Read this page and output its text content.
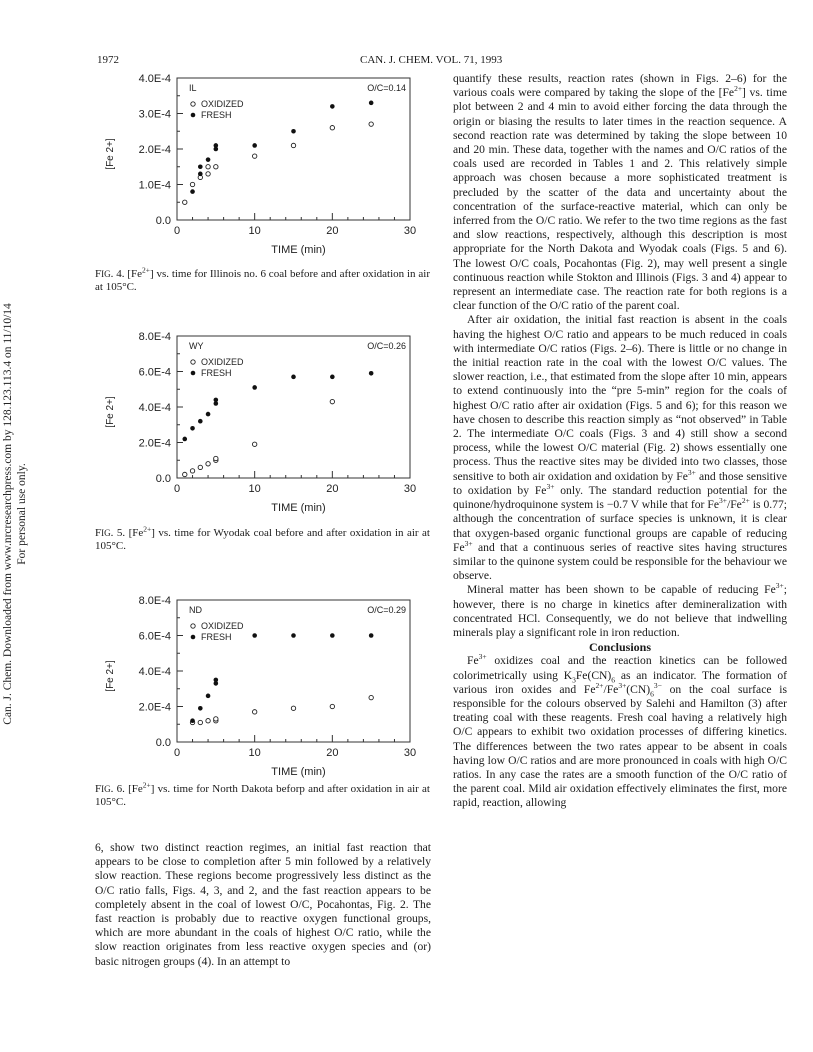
1972	CAN. J. CHEM. VOL. 71, 1993
Can. J. Chem. Downloaded from www.nrcresearchpress.com by 128.123.113.4 on 11/10/14 For personal use only.
0.0
1.0E-4
2.0E-4
3.0E-4
4.0E-4
0	10	20	30
TIME (min)
[Fe 2+]
IL	O/C=0.14
OXIDIZED
FRESH
FIG. 4. $[Fe^{2+}]$ vs. time for Illinois no. 6 coal before and after oxidation in air at 105°C.
0.0
2.0E-4
4.0E-4
6.0E-4
8.0E-4
0	10	20	30
TIME (min)
[Fe 2+]
WY	O/C=0.26
OXIDIZED
FRESH
FIG. 5. $[Fe^{2+}]$ vs. time for Wyodak coal before and after oxidation in air at 105°C.
0.0
2.0E-4
4.0E-4
6.0E-4
8.0E-4
0	10	20	30
TIME (min)
[Fe 2+]
ND	O/C=0.29
OXIDIZED
FRESH
FIG. 6. $[Fe^{2+}]$ vs. time for North Dakota beforp and after oxidation in air at 105°C.

6, show two distinct reaction regimes, an initial fast reaction that appears to be close to completion after 5 min followed by a relatively slow reaction. These regions become progressively less distinct as the O/C ratio falls, Figs. 4, 3, and 2, and the fast reaction appears to be completely absent in the coal of lowest O/C, Pocahontas, Fig. 2. The fast reaction is probably due to reactive oxygen functional groups, which are more abundant in the coals of highest O/C ratio, while the slow reaction originates from less reactive oxygen species and (or) basic nitrogen groups (4). In an attempt to

quantify these results, reaction rates (shown in Figs. 2–6) for the various coals were compared by taking the slope of the $[Fe^{2+}]$ vs. time plot between 2 and 4 min to avoid either forcing the data through the origin or biasing the results to later times in the reaction sequence. A second reaction rate was determined by taking the slope between 10 and 20 min. These data, together with the names and O/C ratios of the coals used are recorded in Tables 1 and 2. This relatively simple approach was chosen because a more sophisticated treatment is precluded by the scatter of the data and uncertainty about the concentration of the surface-reactive material, which can only be inferred from the O/C ratio. We refer to the two time regions as the fast and slow reactions, respectively, although this description is most appropriate for the North Dakota and Wyodak coals (Figs. 5 and 6). The lowest O/C coals, Pocahontas (Fig. 2), may well present a single continuous reaction while Stokton and Illinois (Figs. 3 and 4) appear to represent an intermediate case. The reaction rate for both regions is a clear function of the O/C ratio of the parent coal.

After air oxidation, the initial fast reaction is absent in the coals having the highest O/C ratio and appears to be much reduced in coals with intermediate O/C ratios (Figs. 2–6). There is little or no change in the initial reaction rate in the coal with the lowest O/C values. The slower reaction, i.e., that estimated from the slope after 10 min, appears to extend continuously into the “pre 5-min” region for the coals of highest O/C ratio after air oxidation (Figs. 5 and 6); for this reason we have chosen to describe this reaction simply as “not observed” in Table 2. The intermediate O/C coals (Figs. 3 and 4) still show a second process, while the lowest O/C material (Fig. 2) shows essentially one process. Thus the reactive sites may be divided into two classes, those sensitive to both air oxidation and oxidation by $Fe^{3+}$ and those sensitive to oxidation by $Fe^{3+}$ only. The standard reduction potential for the quinone/hydroquinone system is −0.7 V while that for $Fe^{3+}/Fe^{2+}$ is 0.77; although the concentration of surface species is unknown, it is clear that oxygen-based organic functional groups are capable of reducing $Fe^{3+}$ and that a continuous series of reactive sites having structures similar to the quinone system could be responsible for the behaviour we observe.

Mineral matter has been shown to be capable of reducing $Fe^{3+}$; however, there is no charge in kinetics after demineralization with concentrated HCl. Consequently, we do not believe that indwelling minerals play a significant role in iron reduction.

Conclusions

$Fe^{3+}$ oxidizes coal and the reaction kinetics can be followed colorimetrically using $K_3Fe(CN)_6$ as an indicator. The formation of various iron oxides and $Fe^{2+}/Fe^{3+}(CN)_6^{3-}$ on the coal surface is responsible for the colours observed by Salehi and Hamilton (3) after treating coal with these reagents. Fresh coal having a relatively high O/C appears to exhibit two oxidation processes of differing kinetics. The differences between the two rates appear to be absent in coals having low O/C ratios and are more pronounced in coals with high O/C ratios. In any case the rates are a smooth function of the O/C ratio of the parent coal. Mild air oxidation effectively eliminates the first, more rapid, reaction, allowing
